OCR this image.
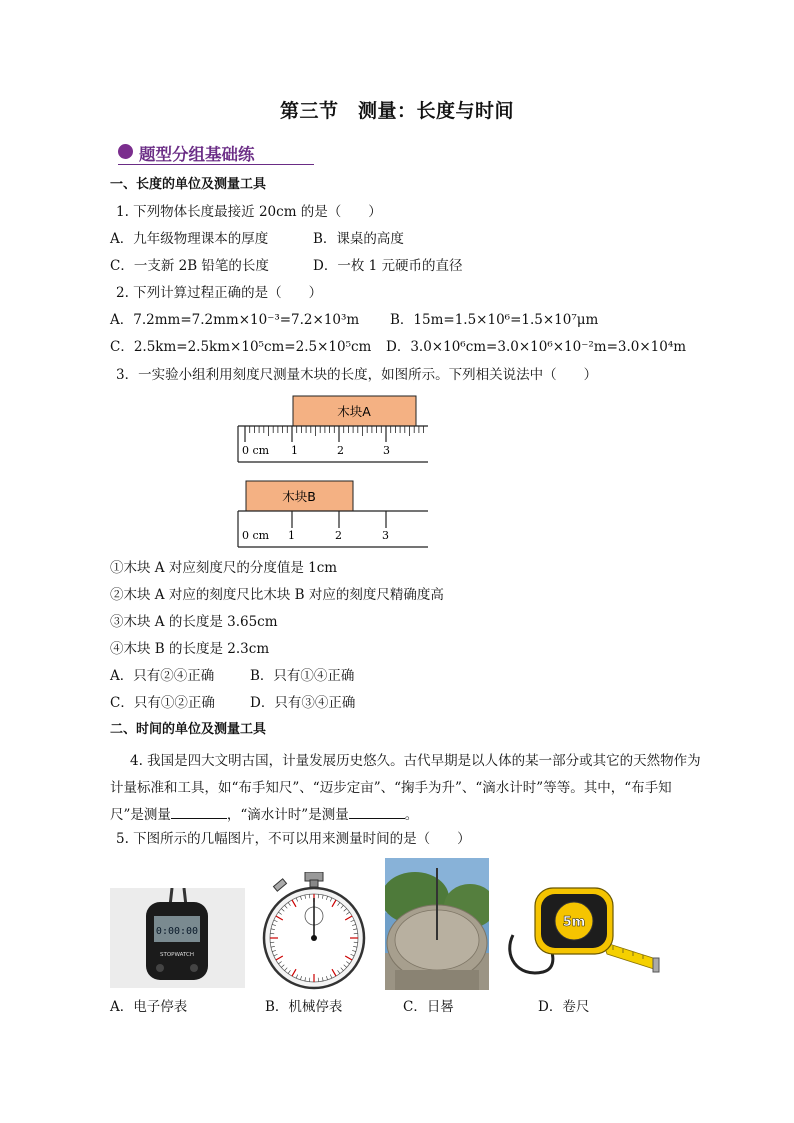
第三节　测量：长度与时间
题型分组基础练
一、长度的单位及测量工具
1. 下列物体长度最接近 20cm 的是（　　）
A．九年级物理课本的厚度	B．课桌的高度
C．一支新 2B 铅笔的长度	D．一枚 1 元硬币的直径
2. 下列计算过程正确的是（　　）
A．7.2mm=7.2mm×10⁻³=7.2×10³m B．15m=1.5×10⁶=1.5×10⁷μm
C．2.5km=2.5km×10⁵cm=2.5×10⁵cm D．3.0×10⁶cm=3.0×10⁶×10⁻²m=3.0×10⁴m
3．一实验小组利用刻度尺测量木块的长度，如图所示。下列相关说法中（　　）
木块A
0 cm 1	2	3
木块B
0 cm 1	2	3
①木块 A 对应刻度尺的分度值是 1cm
②木块 A 对应的刻度尺比木块 B 对应的刻度尺精确度高
③木块 A 的长度是 3.65cm
④木块 B 的长度是 2.3cm
A．只有②④正确	B．只有①④正确
C．只有①②正确	D．只有③④正确
二、时间的单位及测量工具
4. 我国是四大文明古国，计量发展历史悠久。古代早期是以人体的某一部分或其它的天然物作为计量标准和工具，如“布手知尺”、“迈步定亩”、“掬手为升”、“滴水计时”等等。其中，“布手知尺”是测量	，“滴水计时”是测量	。
5. 下图所示的几幅图片，不可以用来测量时间的是（　　）
0:00:00
STOPWATCH
5m
A．电子停表	B．机械停表	C．日晷	D．卷尺
